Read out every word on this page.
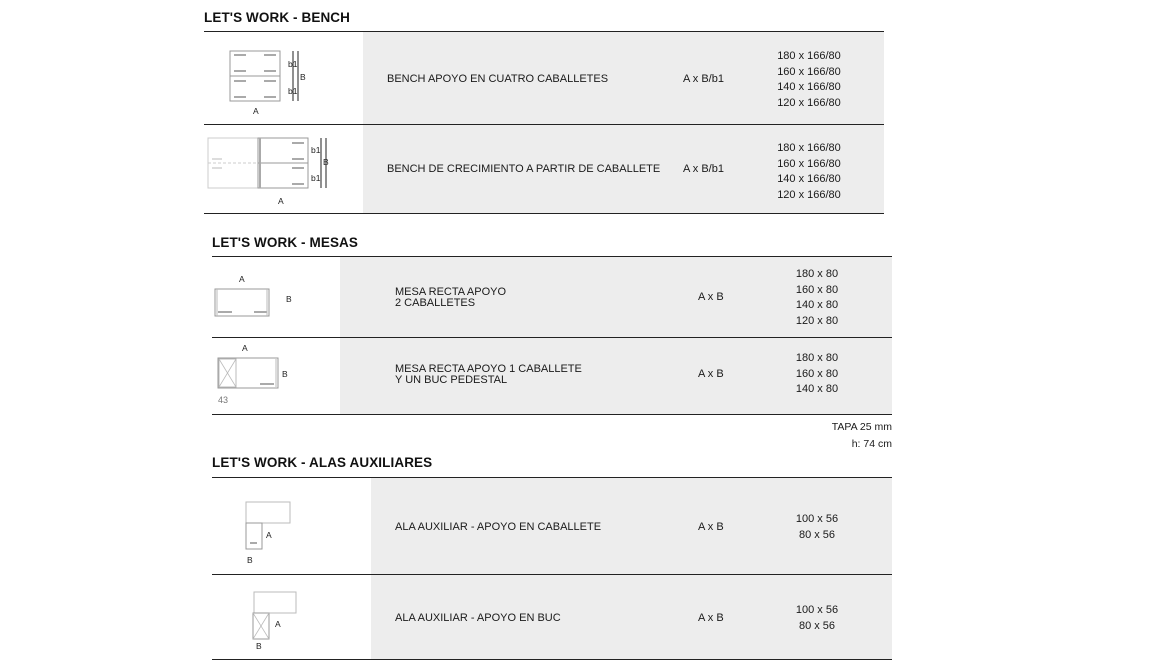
LET'S WORK - BENCH
b1
B
b1
A
BENCH APOYO EN CUATRO CABALLETES	A x B/b1
180 x 166/80
160 x 166/80
140 x 166/80
120 x 166/80
b1
B
b1
A
BENCH DE CRECIMIENTO A PARTIR DE CABALLETE A x B/b1
180 x 166/80
160 x 166/80
140 x 166/80
120 x 166/80
LET'S WORK - MESAS
A
B
MESA RECTA APOYO
2 CABALLETES	A x B
180 x 80
160 x 80
140 x 80
120 x 80
A
B
43
MESA RECTA APOYO 1 CABALLETE
Y UN BUC PEDESTAL	A x B
180 x 80
160 x 80
140 x 80
TAPA 25 mm
h: 74 cm
LET'S WORK - ALAS AUXILIARES
A
B
ALA AUXILIAR - APOYO EN CABALLETE	A x B
100 x 56
80 x 56
A
B
ALA AUXILIAR - APOYO EN BUC	A x B
100 x 56
80 x 56
